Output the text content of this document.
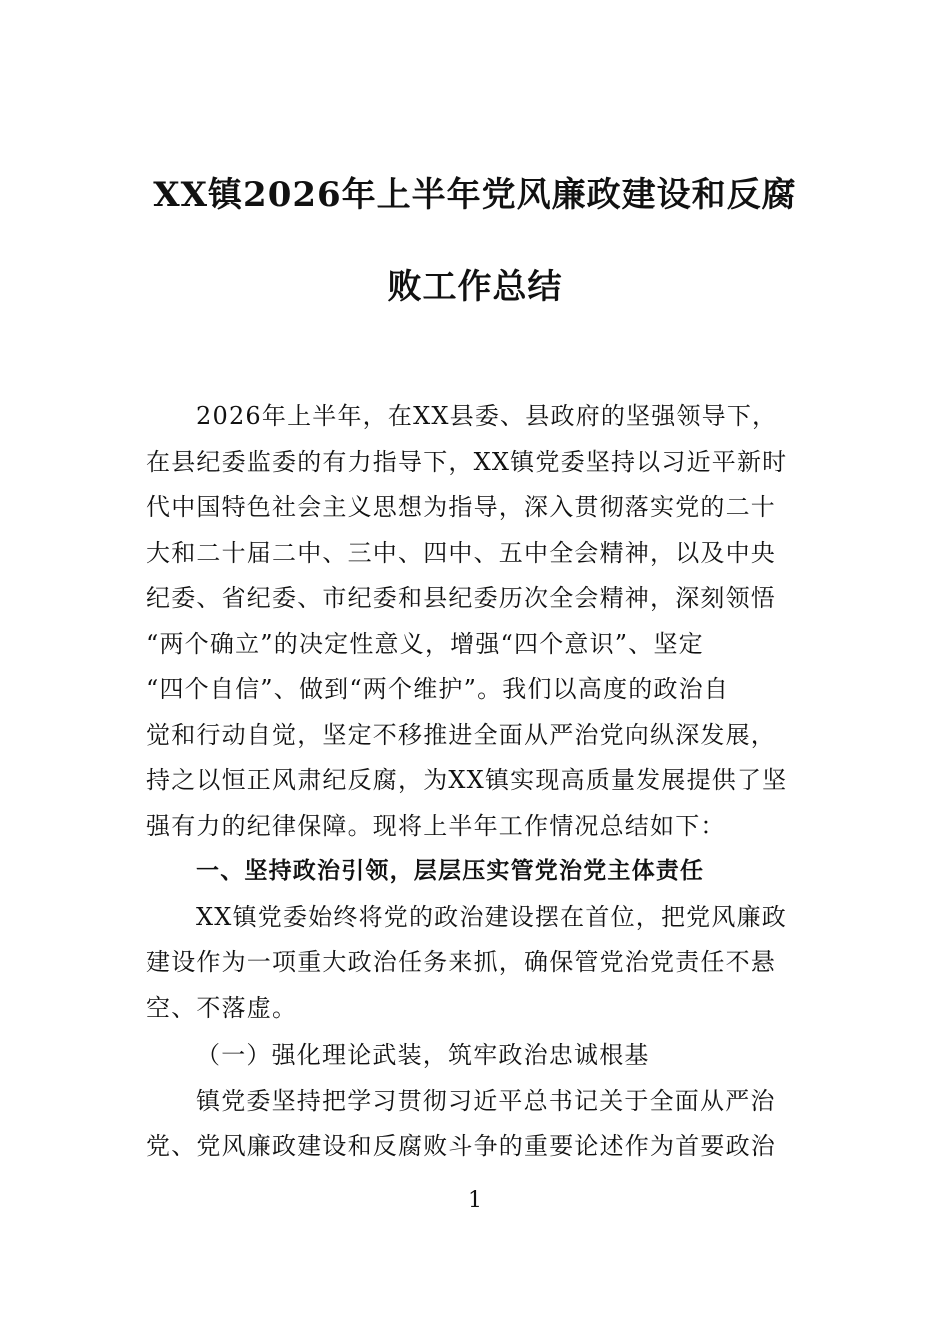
XX镇2026年上半年党风廉政建设和反腐
败工作总结

2026年上半年，在XX县委、县政府的坚强领导下，
在县纪委监委的有力指导下，XX镇党委坚持以习近平新时
代中国特色社会主义思想为指导，深入贯彻落实党的二十
大和二十届二中、三中、四中、五中全会精神，以及中央
纪委、省纪委、市纪委和县纪委历次全会精神，深刻领悟
“两个确立”的决定性意义，增强“四个意识”、坚定
“四个自信”、做到“两个维护”。我们以高度的政治自
觉和行动自觉，坚定不移推进全面从严治党向纵深发展，
持之以恒正风肃纪反腐，为XX镇实现高质量发展提供了坚
强有力的纪律保障。现将上半年工作情况总结如下：

一、坚持政治引领，层层压实管党治党主体责任

XX镇党委始终将党的政治建设摆在首位，把党风廉政
建设作为一项重大政治任务来抓，确保管党治党责任不悬
空、不落虚。

（一）强化理论武装，筑牢政治忠诚根基

镇党委坚持把学习贯彻习近平总书记关于全面从严治
党、党风廉政建设和反腐败斗争的重要论述作为首要政治

1
